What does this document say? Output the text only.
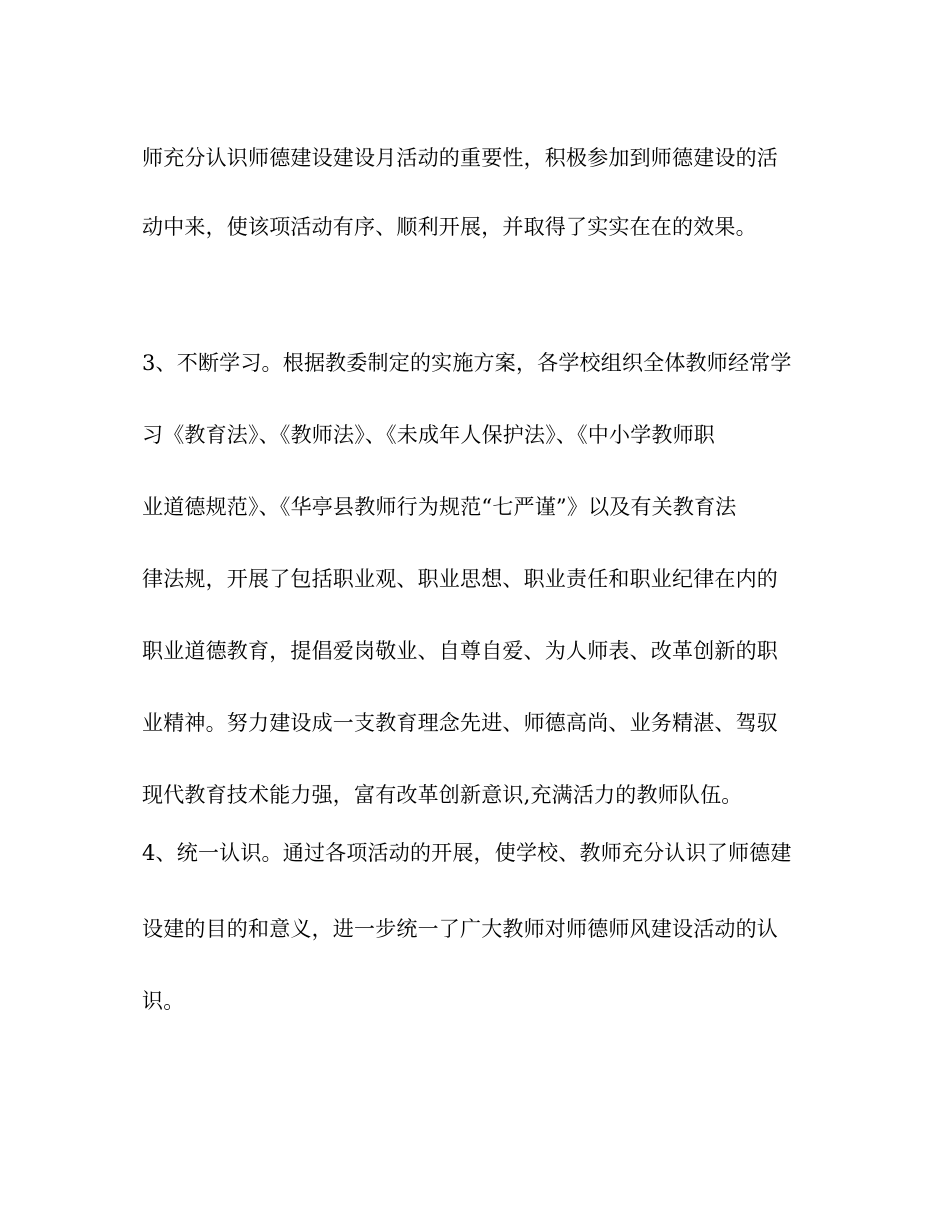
师充分认识师德建设建设月活动的重要性，积极参加到师德建设的活
动中来，使该项活动有序、顺利开展，并取得了实实在在的效果。
3、不断学习。根据教委制定的实施方案，各学校组织全体教师经常学
习《教育法》、《教师法》、《未成年人保护法》、《中小学教师职
业道德规范》、《华亭县教师行为规范“七严谨”》以及有关教育法
律法规，开展了包括职业观、职业思想、职业责任和职业纪律在内的
职业道德教育，提倡爱岗敬业、自尊自爱、为人师表、改革创新的职
业精神。努力建设成一支教育理念先进、师德高尚、业务精湛、驾驭
现代教育技术能力强，富有改革创新意识,充满活力的教师队伍。
4、统一认识。通过各项活动的开展，使学校、教师充分认识了师德建
设建的目的和意义，进一步统一了广大教师对师德师风建设活动的认
识。
